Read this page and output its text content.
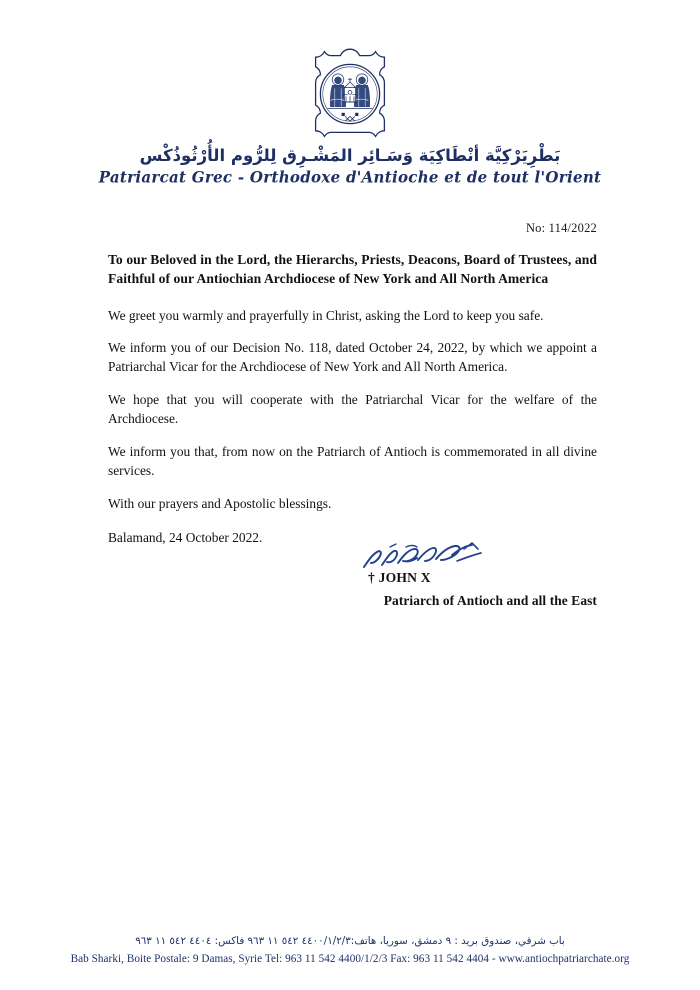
بَطْرِيَرْكِيَّة أنْطَاكِيَة وَسَـائِر المَشْـرِق لِلرُّوم الأُرْثُوذُكْس
Patriarcat Grec - Orthodoxe d'Antioche et de tout l'Orient
No: 114/2022

To our Beloved in the Lord, the Hierarchs, Priests, Deacons, Board of Trustees, and Faithful of our Antiochian Archdiocese of New York and All North America

We greet you warmly and prayerfully in Christ, asking the Lord to keep you safe.

We inform you of our Decision No. 118, dated October 24, 2022, by which we appoint a Patriarchal Vicar for the Archdiocese of New York and All North America.

We hope that you will cooperate with the Patriarchal Vicar for the welfare of the Archdiocese.

We inform you that, from now on the Patriarch of Antioch is commemorated in all divine services.

With our prayers and Apostolic blessings.

Balamand, 24 October 2022.

† JOHN X
Patriarch of Antioch and all the East
باب شرقي، صندوق بريد : ٩ دمشق، سوريا، هاتف:٤٤٠٠/١/٢/٣ ٥٤٢ ١١ ٩٦٣ فاكس: ٤٤٠٤ ٥٤٢ ١١ ٩٦٣
Bab Sharki, Boite Postale: 9 Damas, Syrie Tel: 963 11 542 4400/1/2/3 Fax: 963 11 542 4404 - www.antiochpatriarchate.org
